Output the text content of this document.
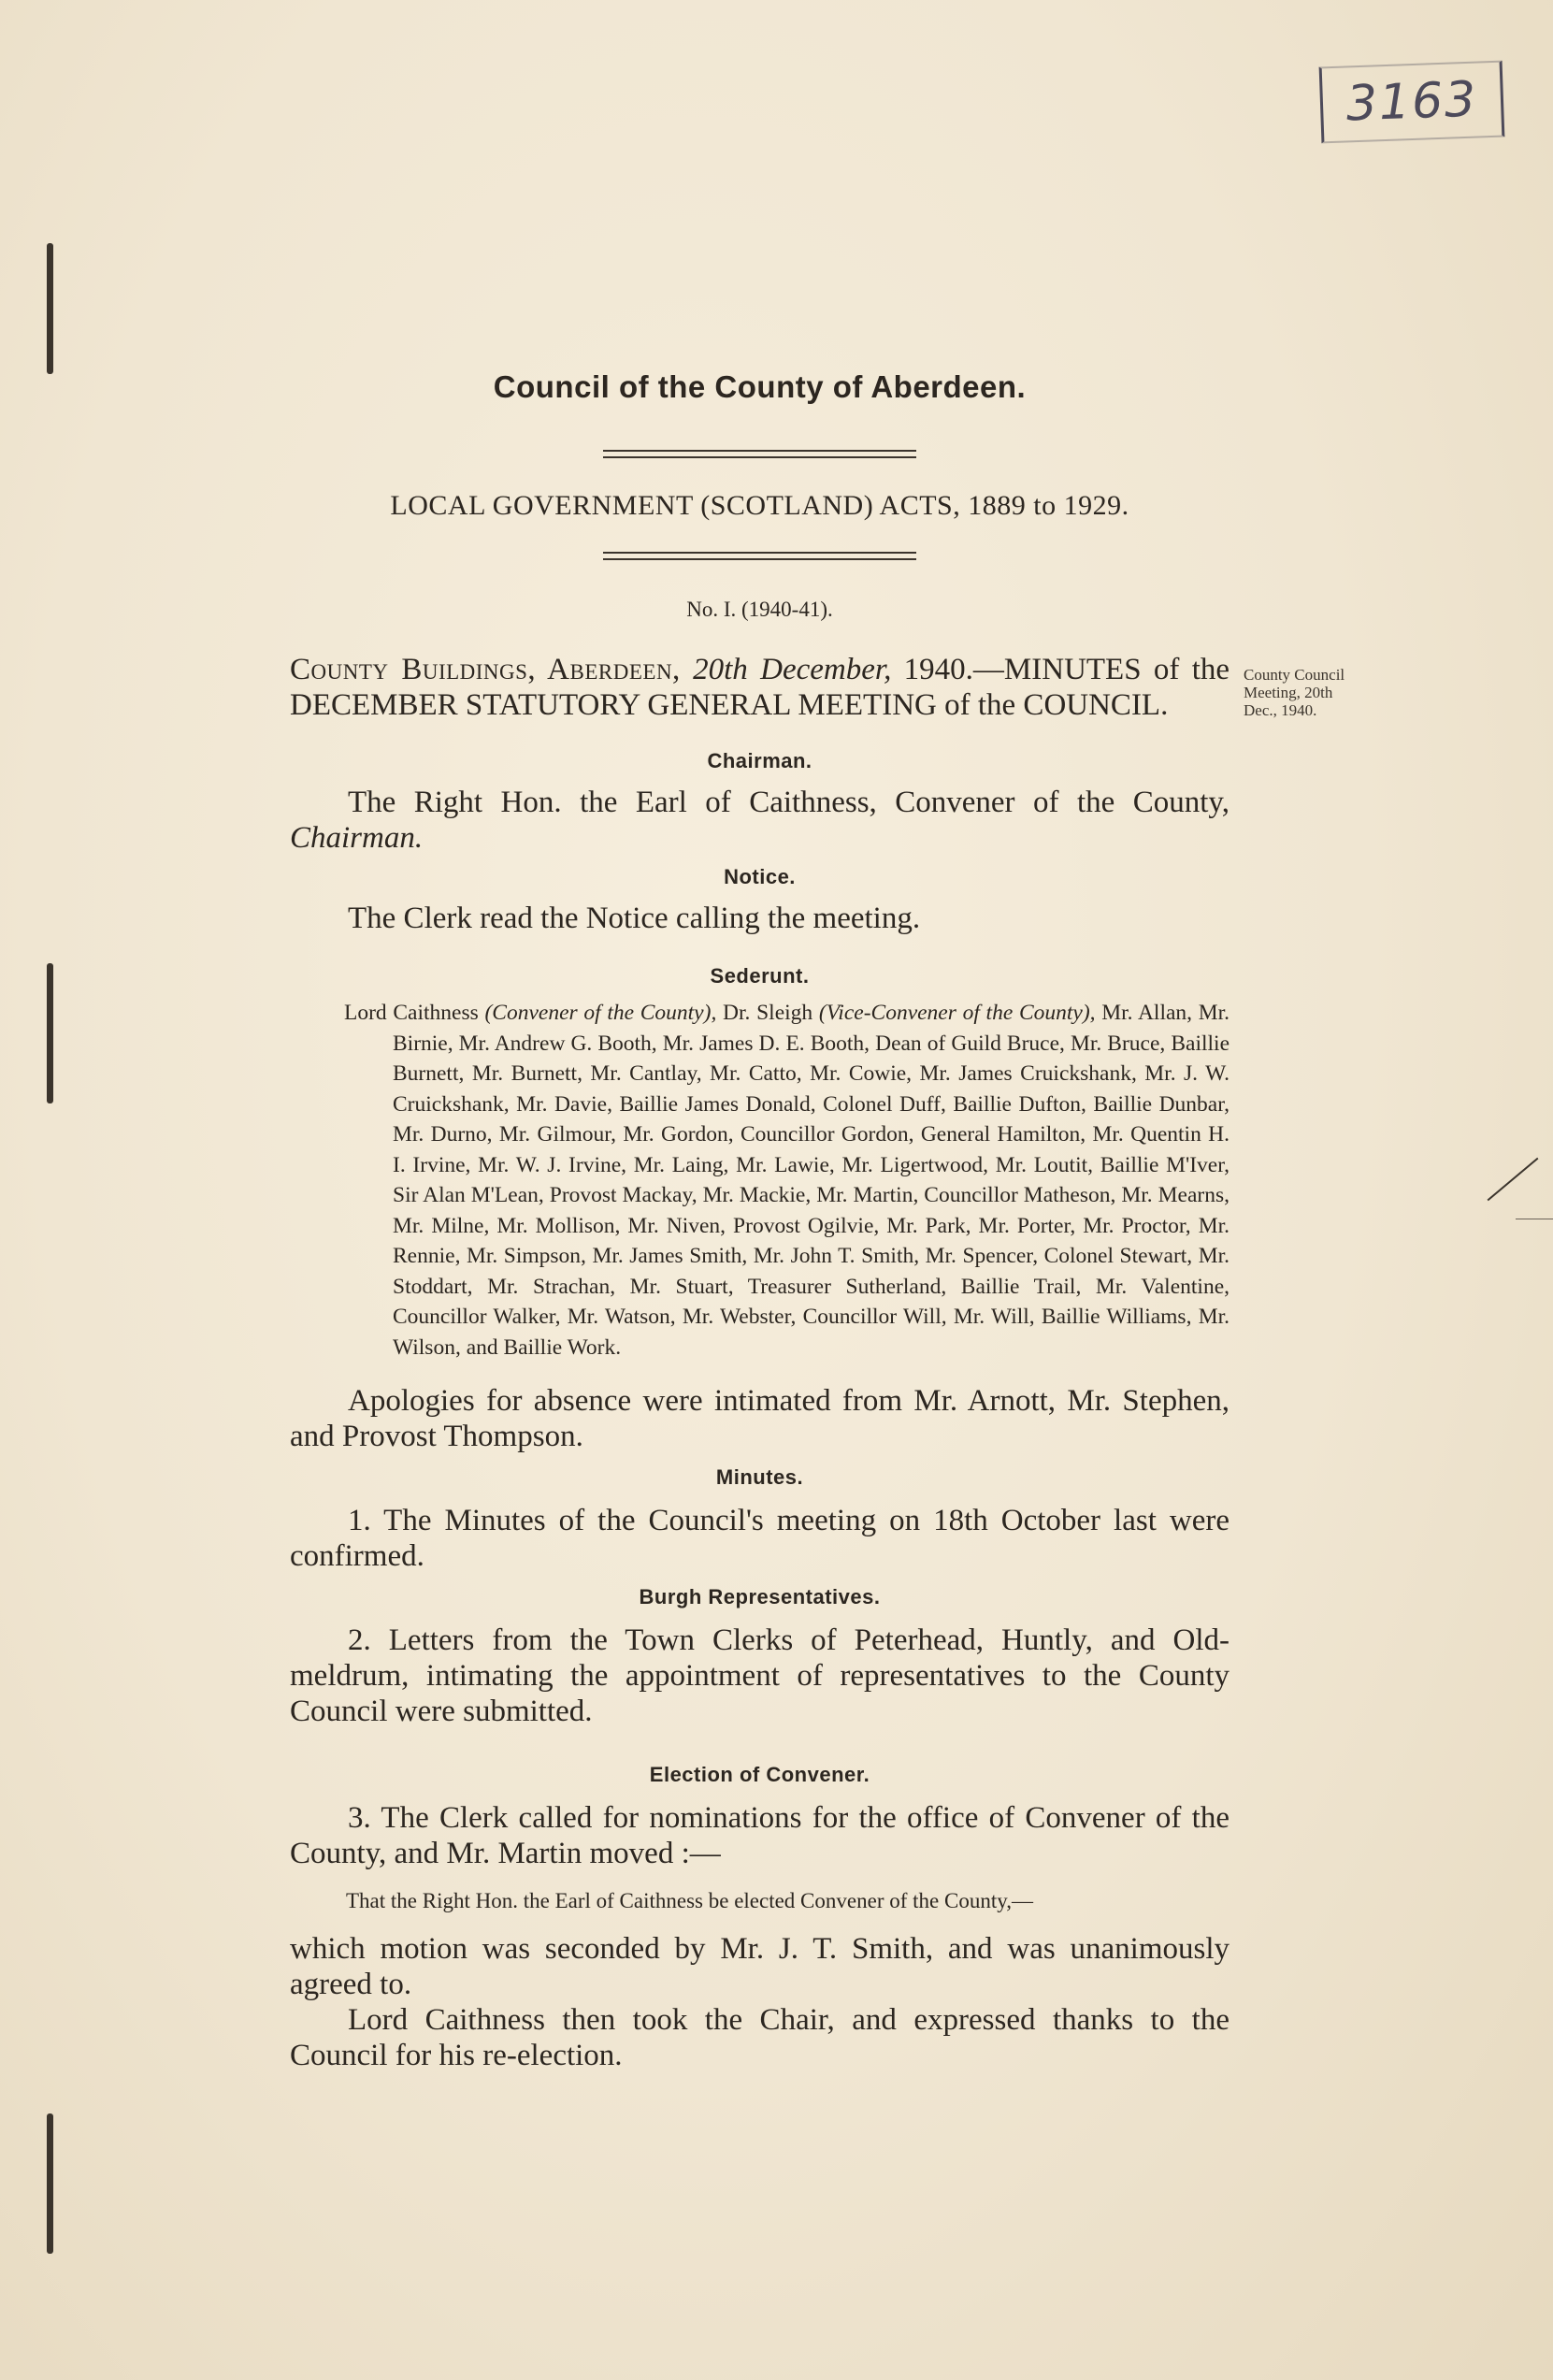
3163
County Council Meeting, 20th Dec., 1940.
Council of the County of Aberdeen.
LOCAL GOVERNMENT (SCOTLAND) ACTS, 1889 to 1929.
No. I. (1940-41).

County Buildings, Aberdeen, 20th December, 1940.—MINUTES of the DECEMBER STATUTORY GENERAL MEETING of the COUNCIL.

Chairman.

The Right Hon. the Earl of Caithness, Convener of the County, Chairman.

Notice.

The Clerk read the Notice calling the meeting.

Sederunt.

Lord Caithness (Convener of the County), Dr. Sleigh (Vice-Convener of the County), Mr. Allan, Mr. Birnie, Mr. Andrew G. Booth, Mr. James D. E. Booth, Dean of Guild Bruce, Mr. Bruce, Baillie Burnett, Mr. Burnett, Mr. Cantlay, Mr. Catto, Mr. Cowie, Mr. James Cruickshank, Mr. J. W. Cruickshank, Mr. Davie, Baillie James Donald, Colonel Duff, Baillie Dufton, Baillie Dunbar, Mr. Durno, Mr. Gilmour, Mr. Gordon, Councillor Gordon, General Hamilton, Mr. Quentin H. I. Irvine, Mr. W. J. Irvine, Mr. Laing, Mr. Lawie, Mr. Ligertwood, Mr. Loutit, Baillie M'Iver, Sir Alan M'Lean, Provost Mackay, Mr. Mackie, Mr. Martin, Councillor Matheson, Mr. Mearns, Mr. Milne, Mr. Mollison, Mr. Niven, Provost Ogilvie, Mr. Park, Mr. Porter, Mr. Proctor, Mr. Rennie, Mr. Simpson, Mr. James Smith, Mr. John T. Smith, Mr. Spencer, Colonel Stewart, Mr. Stoddart, Mr. Strachan, Mr. Stuart, Treasurer Sutherland, Baillie Trail, Mr. Valentine, Councillor Walker, Mr. Watson, Mr. Webster, Councillor Will, Mr. Will, Baillie Williams, Mr. Wilson, and Baillie Work.

Apologies for absence were intimated from Mr. Arnott, Mr. Stephen, and Provost Thompson.

Minutes.

1. The Minutes of the Council's meeting on 18th October last were confirmed.

Burgh Representatives.

2. Letters from the Town Clerks of Peterhead, Huntly, and Old-meldrum, intimating the appointment of representatives to the County Council were submitted.

Election of Convener.

3. The Clerk called for nominations for the office of Convener of the County, and Mr. Martin moved :—

That the Right Hon. the Earl of Caithness be elected Convener of the County,—

which motion was seconded by Mr. J. T. Smith, and was unanimously agreed to.

Lord Caithness then took the Chair, and expressed thanks to the Council for his re-election.
